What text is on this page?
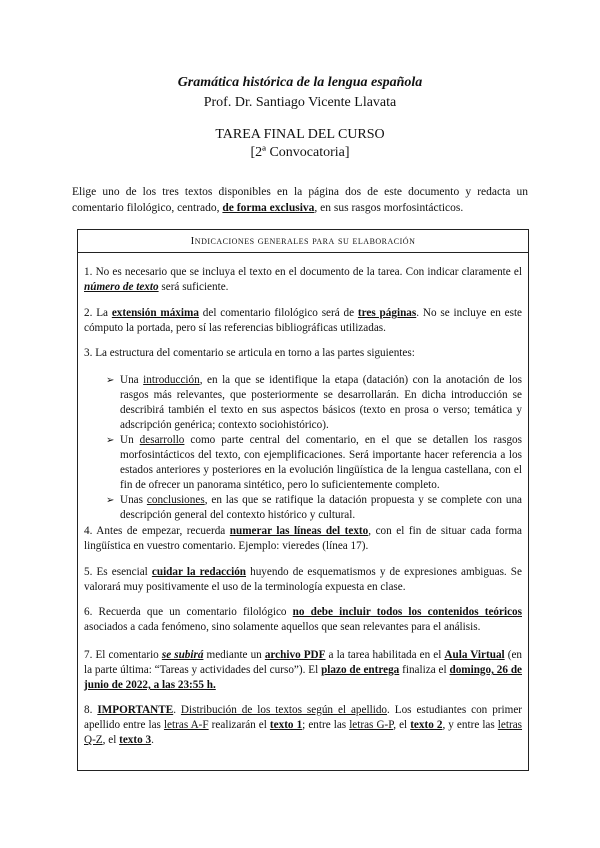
Gramática histórica de la lengua española
Prof. Dr. Santiago Vicente Llavata
TAREA FINAL DEL CURSO
[2ª Convocatoria]
Elige uno de los tres textos disponibles en la página dos de este documento y redacta un comentario filológico, centrado, de forma exclusiva, en sus rasgos morfosintácticos.
Indicaciones generales para su elaboración
1. No es necesario que se incluya el texto en el documento de la tarea. Con indicar claramente el número de texto será suficiente.
2. La extensión máxima del comentario filológico será de tres páginas. No se incluye en este cómputo la portada, pero sí las referencias bibliográficas utilizadas.
3. La estructura del comentario se articula en torno a las partes siguientes:
➢ Una introducción, en la que se identifique la etapa (datación) con la anotación de los rasgos más relevantes, que posteriormente se desarrollarán. En dicha introducción se describirá también el texto en sus aspectos básicos (texto en prosa o verso; temática y adscripción genérica; contexto sociohistórico).
➢ Un desarrollo como parte central del comentario, en el que se detallen los rasgos morfosintácticos del texto, con ejemplificaciones. Será importante hacer referencia a los estados anteriores y posteriores en la evolución lingüística de la lengua castellana, con el fin de ofrecer un panorama sintético, pero lo suficientemente completo.
➢ Unas conclusiones, en las que se ratifique la datación propuesta y se complete con una descripción general del contexto histórico y cultural.
4. Antes de empezar, recuerda numerar las líneas del texto, con el fin de situar cada forma lingüística en vuestro comentario. Ejemplo: vieredes (línea 17).
5. Es esencial cuidar la redacción huyendo de esquematismos y de expresiones ambiguas. Se valorará muy positivamente el uso de la terminología expuesta en clase.
6. Recuerda que un comentario filológico no debe incluir todos los contenidos teóricos asociados a cada fenómeno, sino solamente aquellos que sean relevantes para el análisis.
7. El comentario se subirá mediante un archivo PDF a la tarea habilitada en el Aula Virtual (en la parte última: “Tareas y actividades del curso”). El plazo de entrega finaliza el domingo, 26 de junio de 2022, a las 23:55 h.
8. IMPORTANTE. Distribución de los textos según el apellido. Los estudiantes con primer apellido entre las letras A-F realizarán el texto 1; entre las letras G-P, el texto 2, y entre las letras Q-Z, el texto 3.
